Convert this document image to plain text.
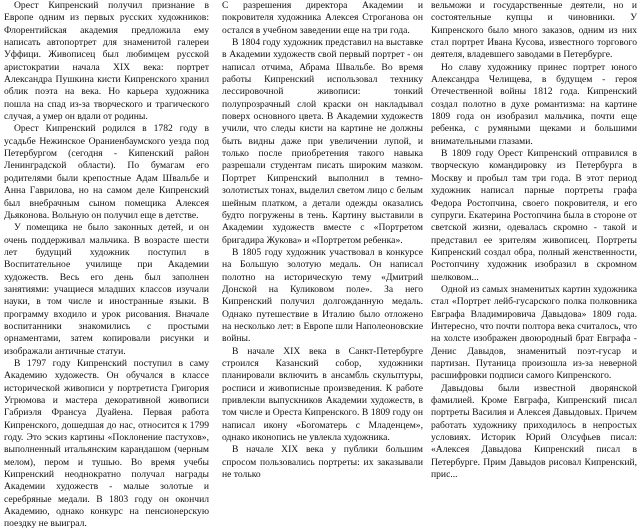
Орест Кипренский получил признание в Европе одним из первых русских художников: Флорентийская академия предложила ему написать автопортрет для знаменитой галереи Уффици. Живописец был любимцем русской аристократии начала XIX века: портрет Александра Пушкина кисти Кипренского хранил облик поэта на века. Но карьера художника пошла на спад из-за творческого и трагического случая, а умер он вдали от родины.

Орест Кипренский родился в 1782 году в усадьбе Нежинское Ораниенбаумского уезда под Петербургом (сегодня - Кипенский район Ленинградской области). По бумагам его родителями были крепостные Адам Швальбе и Анна Гаврилова, но на самом деле Кипренский был внебрачным сыном помещика Алексея Дьяконова. Вольную он получил еще в детстве.

У помещика не было законных детей, и он очень поддерживал мальчика. В возрасте шести лет будущий художник поступил в Воспитательное училище при Академии художеств. Весь его день был заполнен занятиями: учащиеся младших классов изучали науки, в том числе и иностранные языки. В программу входило и урок рисования. Вначале воспитанники знакомились с простыми орнаментами, затем копировали рисунки и изображали античные статуи.

В 1797 году Кипренский поступил в саму Академию художеств. Он обучался в классе исторической живописи у портретиста Григория Угрюмова и мастера декоративной живописи Габриэля Франсуа Дуайена. Первая работа Кипренского, дошедшая до нас, относится к 1799 году. Это эскиз картины «Поклонение пастухов», выполненный итальянским карандашом (черным мелом), пером и тушью. Во время учебы Кипренский неоднократно получал награды Академии художеств - малые золотые и серебряные медали. В 1803 году он окончил Академию, однако конкурс на пенсионерскую поездку не выиграл.

С разрешения директора Академии и покровителя художника Алексея Строганова он остался в учебном заведении еще на три года.

В 1804 году художник представил на выставке в Академии художеств свой первый портрет - он написал отчима, Абрама Швальбе. Во время работы Кипренский использовал технику лессировочной живописи: тонкий полупрозрачный слой краски он накладывал поверх основного цвета. В Академии художеств учили, что следы кисти на картине не должны быть видны даже при увеличении лупой, и только после приобретения такого навыка разрешали студентам писать широким мазком. Портрет Кипренский выполнил в темно-золотистых тонах, выделил светом лицо с белым шейным платком, а детали одежды оказались будто погружены в тень. Картину выставили в Академии художеств вместе с «Портретом бригадира Жукова» и «Портретом ребенка».

В 1805 году художник участвовал в конкурсе на Большую золотую медаль. Он написал полотно на историческую тему «Дмитрий Донской на Куликовом поле». За него Кипренский получил долгожданную медаль. Однако путешествие в Италию было отложено на несколько лет: в Европе шли Наполеоновские войны.

В начале XIX века в Санкт-Петербурге строился Казанский собор, художники планировали включить в ансамбль скульптуры, росписи и живописные произведения. К работе привлекли выпускников Академии художеств, в том числе и Ореста Кипренского. В 1809 году он написал икону «Богоматерь с Младенцем», однако иконопись не увлекла художника.

В начале XIX века у публики большим спросом пользовались портреты: их заказывали не только

вельможи и государственные деятели, но и состоятельные купцы и чиновники. У Кипренского было много заказов, одним из них стал портрет Ивана Кусова, известного торгового деятеля, владевшего заводами в Петербурге.

Но славу художнику принес портрет юного Александра Челищева, в будущем - героя Отечественной войны 1812 года. Кипренский создал полотно в духе романтизма: на картине 1809 года он изобразил мальчика, почти еще ребенка, с румяными щеками и большими внимательными глазами.

В 1809 году Орест Кипренский отправился в творческую командировку из Петербурга в Москву и пробыл там три года. В этот период художник написал парные портреты графа Федора Ростопчина, своего покровителя, и его супруги. Екатерина Ростопчина была в стороне от светской жизни, одевалась скромно - такой и представил ее зрителям живописец. Портреты Кипренский создал обра, полный женственности, Ростопчину художник изобразил в скромном шелковом...

Одной из самых знаменитых картин художника стал «Портрет лейб-гусарского полка полковника Евграфа Владимировича Давыдова» 1809 года. Интересно, что почти полтора века считалось, что на холсте изображен двоюродный брат Евграфа - Денис Давыдов, знаменитый поэт-гусар и партизан. Путаница произошла из-за неверной расшифровки подписи самого Кипренского.

Давыдовы были известной дворянской фамилией. Кроме Евграфа, Кипренский писал портреты Василия и Алексея Давыдовых. Причем работать художнику приходилось в непростых условиях. Историк Юрий Олсуфьев писал: «Алексея Давыдова Кипренский писал в Петербурге. Прим Давыдов рисовал Кипренский, прис...
